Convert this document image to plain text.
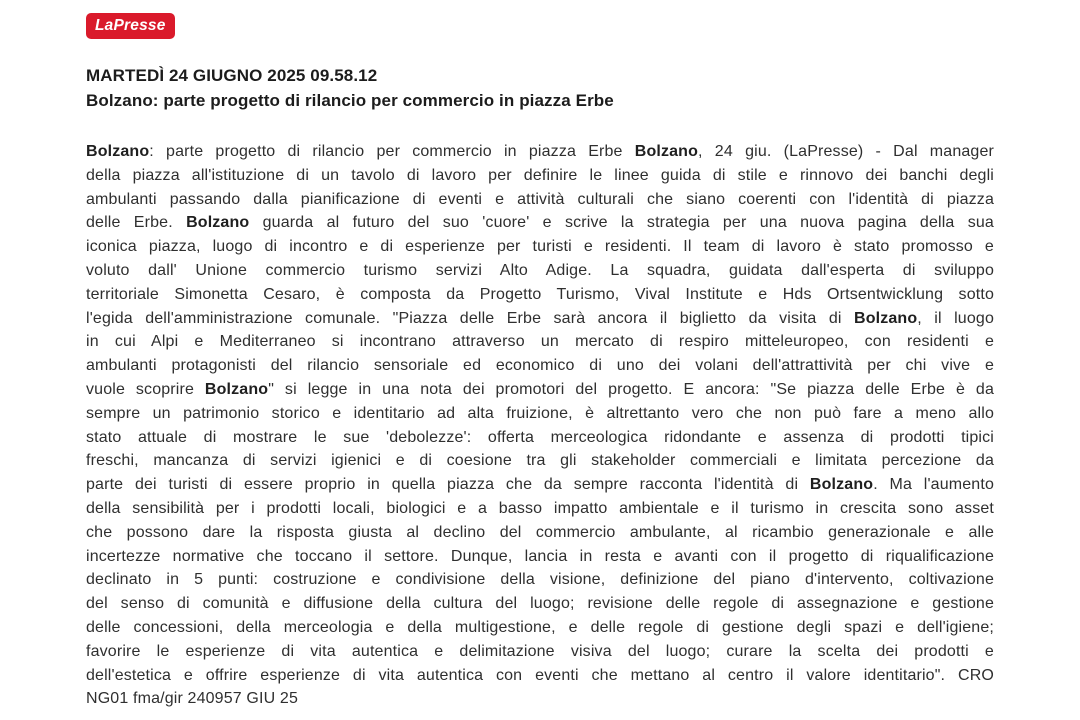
LaPresse
MARTEDÌ 24 GIUGNO 2025 09.58.12
Bolzano: parte progetto di rilancio per commercio in piazza Erbe
Bolzano: parte progetto di rilancio per commercio in piazza Erbe Bolzano, 24 giu. (LaPresse) - Dal manager
della piazza all'istituzione di un tavolo di lavoro per definire le linee guida di stile e rinnovo dei banchi degli
ambulanti passando dalla pianificazione di eventi e attività culturali che siano coerenti con l'identità di piazza
delle Erbe. Bolzano guarda al futuro del suo 'cuore' e scrive la strategia per una nuova pagina della sua
iconica piazza, luogo di incontro e di esperienze per turisti e residenti. Il team di lavoro è stato promosso e
voluto dall' Unione commercio turismo servizi Alto Adige. La squadra, guidata dall'esperta di sviluppo
territoriale Simonetta Cesaro, è composta da Progetto Turismo, Vival Institute e Hds Ortsentwicklung sotto
l'egida dell'amministrazione comunale. "Piazza delle Erbe sarà ancora il biglietto da visita di Bolzano, il luogo
in cui Alpi e Mediterraneo si incontrano attraverso un mercato di respiro mitteleuropeo, con residenti e
ambulanti protagonisti del rilancio sensoriale ed economico di uno dei volani dell'attrattività per chi vive e
vuole scoprire Bolzano" si legge in una nota dei promotori del progetto. E ancora: "Se piazza delle Erbe è da
sempre un patrimonio storico e identitario ad alta fruizione, è altrettanto vero che non può fare a meno allo
stato attuale di mostrare le sue 'debolezze': offerta merceologica ridondante e assenza di prodotti tipici
freschi, mancanza di servizi igienici e di coesione tra gli stakeholder commerciali e limitata percezione da
parte dei turisti di essere proprio in quella piazza che da sempre racconta l'identità di Bolzano. Ma l'aumento
della sensibilità per i prodotti locali, biologici e a basso impatto ambientale e il turismo in crescita sono asset
che possono dare la risposta giusta al declino del commercio ambulante, al ricambio generazionale e alle
incertezze normative che toccano il settore. Dunque, lancia in resta e avanti con il progetto di riqualificazione
declinato in 5 punti: costruzione e condivisione della visione, definizione del piano d'intervento, coltivazione
del senso di comunità e diffusione della cultura del luogo; revisione delle regole di assegnazione e gestione
delle concessioni, della merceologia e della multigestione, e delle regole di gestione degli spazi e dell'igiene;
favorire le esperienze di vita autentica e delimitazione visiva del luogo; curare la scelta dei prodotti e
dell'estetica e offrire esperienze di vita autentica con eventi che mettano al centro il valore identitario". CRO
NG01 fma/gir 240957 GIU 25
